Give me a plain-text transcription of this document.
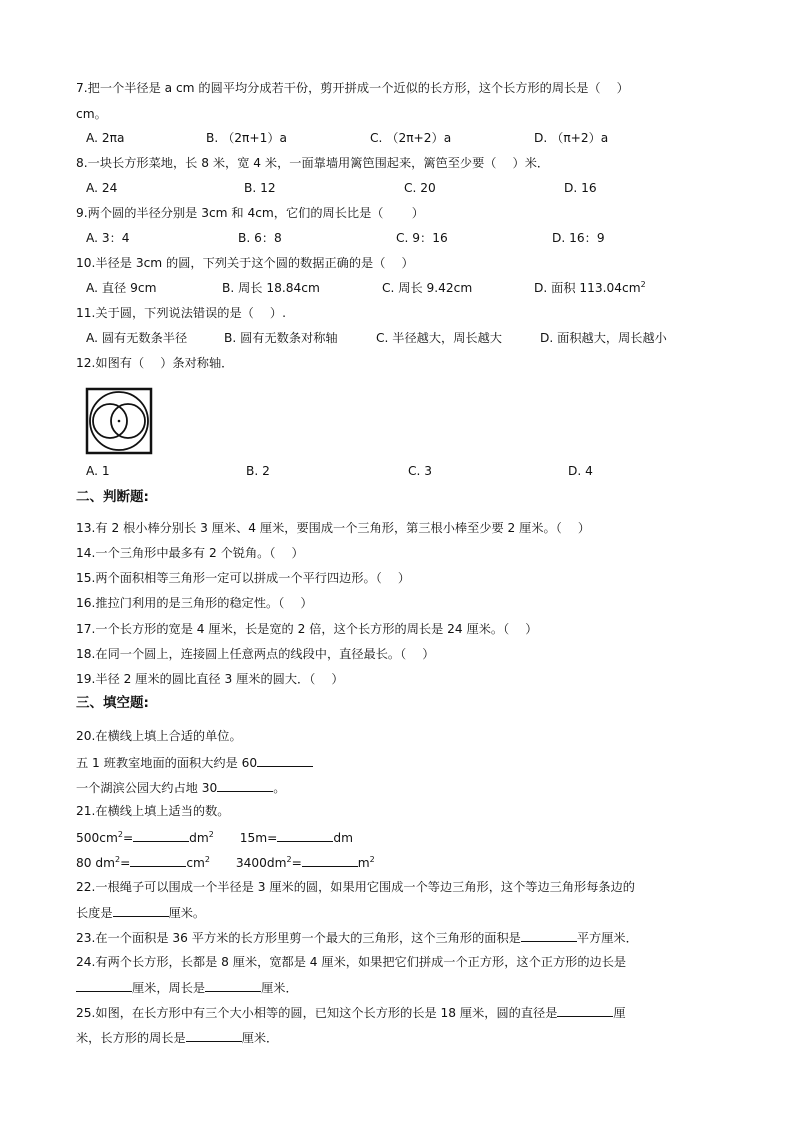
7.把一个半径是 a cm 的圆平均分成若干份，剪开拼成一个近似的长方形，这个长方形的周长是（　 ）
cm。
A. 2πa	B. （2π+1）a	C. （2π+2）a	D. （π+2）a
8.一块长方形菜地，长 8 米，宽 4 米，一面靠墙用篱笆围起来，篱笆至少要（　 ）米．
A. 24	B. 12	C. 20	D. 16
9.两个圆的半径分别是 3cm 和 4cm，它们的周长比是（　　 ）
A. 3：4	B. 6：8	C. 9：16	D. 16：9
10.半径是 3cm 的圆，下列关于这个圆的数据正确的是（　 ）
A. 直径 9cm	B. 周长 18.84cm	C. 周长 9.42cm	D. 面积 $113.04cm^2$
11.关于圆，下列说法错误的是（　 ）.
A. 圆有无数条半径	B. 圆有无数条对称轴	C. 半径越大，周长越大	D. 面积越大，周长越小
12.如图有（　 ）条对称轴．
A. 1	B. 2	C. 3	D. 4
二、判断题:
13.有 2 根小棒分别长 3 厘米、4 厘米，要围成一个三角形，第三根小棒至少要 2 厘米。（　 ）
14.一个三角形中最多有 2 个锐角。（　 ）
15.两个面积相等三角形一定可以拼成一个平行四边形。（　 ）
16.推拉门利用的是三角形的稳定性。（　 ）
17.一个长方形的宽是 4 厘米，长是宽的 2 倍，这个长方形的周长是 24 厘米。（　 ）
18.在同一个圆上，连接圆上任意两点的线段中，直径最长。（　 ）
19.半径 2 厘米的圆比直径 3 厘米的圆大．（　 ）
三、填空题:
20.在横线上填上合适的单位。
五 1 班教室地面的面积大约是 60
一个湖滨公园大约占地 30	。
21.在横线上填上适当的数。
$500cm^2=$	$dm^2$ 15m=	dm
80 $dm^2=$	$cm^2$ $3400dm^2=$	$m^2$
22.一根绳子可以围成一个半径是 3 厘米的圆，如果用它围成一个等边三角形，这个等边三角形每条边的
长度是	厘米。
23.在一个面积是 36 平方米的长方形里剪一个最大的三角形，这个三角形的面积是	平方厘米．
24.有两个长方形，长都是 8 厘米，宽都是 4 厘米，如果把它们拼成一个正方形，这个正方形的边长是
厘米，周长是	厘米．
25.如图，在长方形中有三个大小相等的圆，已知这个长方形的长是 18 厘米，圆的直径是	厘
米，长方形的周长是	厘米．
